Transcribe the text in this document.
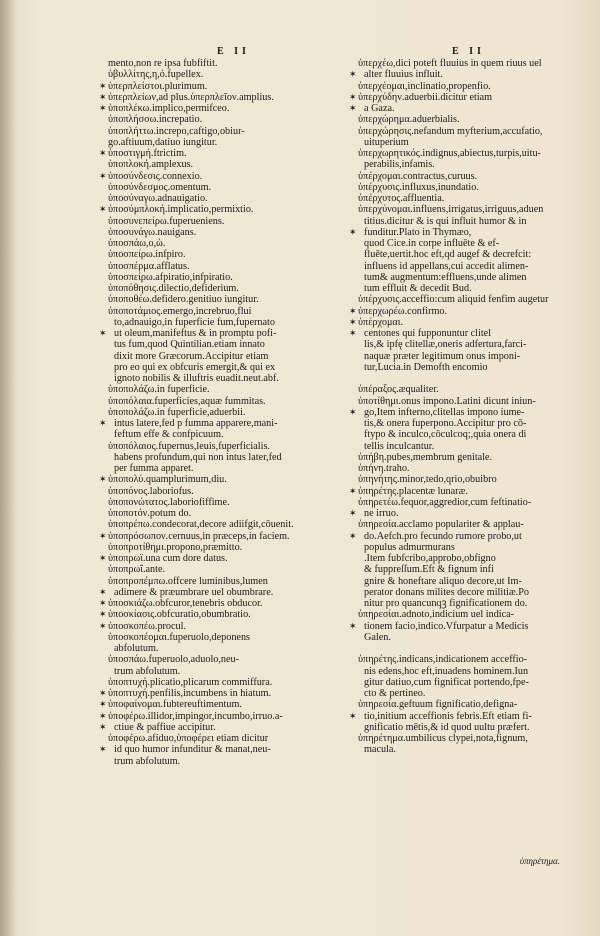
E II	E II
mento,non re ipsa fubfiftit.
ὑβυλλίτης,η,ὁ.fupellex.
✶ ὑπερπλείστοι.plurimum.
✶ ὑπερπλείων,ad plus.ὑπερπλεῖον.amplius.
✶ ὑποπλέκω.implico,permifceo.
ὑποπλήσσω.increpatio.
ὑποπλήττω.increpo,caftigo,obiur-
go.aftiuum,datiuo iungitur.
✶ ὑποστιγμή.ftrictim.
ὑποπλοκή.amplexus.
✶ ὑποσύνδεσις.connexio.
ὑποσύνδεσμος.omentum.
ὑποσύναγω.adnauigatio.
✶ ὑποσύμπλοκή.implicatio,permixtio.
ὑποσυνεπείρω.fuperueniens.
ὑποσυνάγω.nauigans.
ὑποσπάω,ο,ὡ.
ὑποσπείρω.infpiro.
ὑποσπέρμα.afflatus.
ὑποσπείρω.afpiratio,infpiratio.
ὑποπόθησις.dilectio,defiderium.
ὑποποθέω.defidero.genitiuo iungitur.
ὑποποτάμιος.emergo,increbruo,flui
to,adnauigo,in fuperficie fum,fupernato
✶ ut oleum,manifeftus & in promptu pofi-
tus fum,quod Quintilian.etiam innato
dixit more Græcorum.Accipitur etiam
pro eo qui ex obfcuris emergit,& qui ex
ignoto nobilis & illuftris euadit.neut.abf.
ὑποπολάζω.in fuperficie.
ὑποπόλαια.fuperficies,aquæ fummitas.
ὑποπολάζω.in fuperficie,aduerbii.
✶ intus latere,fed p fumma apparere,mani-
feftum effe & confpicuum.
ὑποπόλαιος.fupernus,leuis,fuperficialis.
habens profundum,qui non intus later,fed
per fumma apparet.
✶ ὑποπολύ.quamplurimum,diu.
ὑποπόνος.laboriofus.
ὑποπονώτατος.laboriofiffime.
ὑποποτόν.potum do.
ὑποπρέπω.condecorat,decore adiifgit,cōuenit.
✶ ὑποπρόσωπον.cernuus,in præceps,in faciem.
ὑποπροτίθημι.propono,præmitto.
✶ ὑποπρωϊ.una cum dore datus.
ὑποπρωΐ.ante.
ὑποπροπέμπω.offcere luminibus,lumen
✶ adimere & præumbrare uel obumbrare.
✶ ὑποσκιάζω.obfcuror,tenebris obducor.
✶ ὑποσκίασις.obfcuratio,obumbratio.
✶ ὑποσκοπέω.procul.
ὑποσκοπέομαι.fuperuolo,deponens
abfolutum.
ὑποσπάω.fuperuolo,aduolo,neu-
trum abfolutum.
ὑποπτυχή.plicatio,plicarum commiffura.
✶ ὑποπτυχή.penfilis,incumbens in hiatum.
✶ ὑποφαίνομαι.fubtereuftimentum.
✶ ὑποφέρω.illidor,impingor,incumbo,irruo.a-
✶ ctiue & paffiue accipitur.
ὑποφέρω.afiduo,ὑποφέρει etiam dicitur
✶ id quo humor infunditur & manat,neu-
trum abfolutum.
ὑπερχέω,dici poteft fluuius in quem riuus uel
✶ alter fluuius influit.
ὑπερχέομαι,inclinatio,propenfio.
✶ ὑπερχύδην.aduerbii.dicitur etiam
✶ a Gaza.
ὑπερχώρημα.aduerbialis.
ὑπερχώρησις.nefandum myfterium,accufatio,
uituperium
ὑπερχωρητικός.indignus,abiectus,turpis,uitu-
perabilis,infamis.
ὑπέρχομαι.contractus,curuus.
ὑπέρχυσις.influxus,inundatio.
ὑπέρχυτος.affluentia.
ὑπερχύνομαι.influens,irrigatus,irriguus,aduen
titius.dicitur & is qui influit humor & in
✶ funditur.Plato in Thymæo,
quod Cice.in corpe influēte & ef-
fluēte,uertit.hoc eft,qd augef & decrefcit:
influens id appellans,cui accedit alimen-
tum& augmentum:effluens,unde alimen
tum effluit & decedit Bud.
ὑπέρχυσις.acceffio:cum aliquid fenfim augetur
✶ ὑπερχωρέω.confirmo.
✶ ὑπέρχομαι.
✶ centones qui fupponuntur clitel
lis,& ipfę clitellæ,oneris adfertura,farci-
naquæ præter legitimum onus imponi-
tur,Lucia.in Demofth encomio
ὑπέραξος.æqualiter.
ὑποτίθημι.onus impono.Latini dicunt iniun-
✶ go,Item infterno,clitellas impono iume-
tis,& onera fuperpono.Accipitur pro cō-
ftypo & inculco,cōculcoq;,quia onera di
tellis inculcantur.
ὑπήβη.pubes,membrum genitale.
ὑπήνη.traho.
ὑπηνήτης.minor,tedo,qrio,obuibro
✶ ὑπηρέτης.placentæ lunaræ.
ὑπηρετέω.fequor,aggredior,cum feftinatio-
✶ ne irruo.
ὑπηρεσία.acclamo populariter & applau-
✶ do.Aefch.pro fecundo rumore probo,ut
populus admurmurans
.Item fubfcribo,approbo,obfigno
& fuppreſſum.Eft & fignum infi
gnire & honeftare aliquo decore,ut Im-
perator donans milites decore militiæ.Po
nitur pro quancunqꝫ fignificationem do.
ὑπηρεσίαι.adnoto,indicium uel indica-
✶ tionem facio,indico.Vfurpatur a Medicis
Galen.
ὑπηρέτης.indicans,indicationem acceffio-
nis edens,hoc eft,inuadens hominem.Iun
gitur datiuo,cum fignificat portendo,fpe-
cto & pertineo.
ὑπηρεσία.geftuum fignificatio,defigna-
✶ tio,initium acceffionis febris.Eft etiam fi-
gnificatio mētis,& id quod uultu præfert.
ὑπηρέτημα.umbilicus clypei,nota,fignum,
macula.
ὑπηρέτημα.
